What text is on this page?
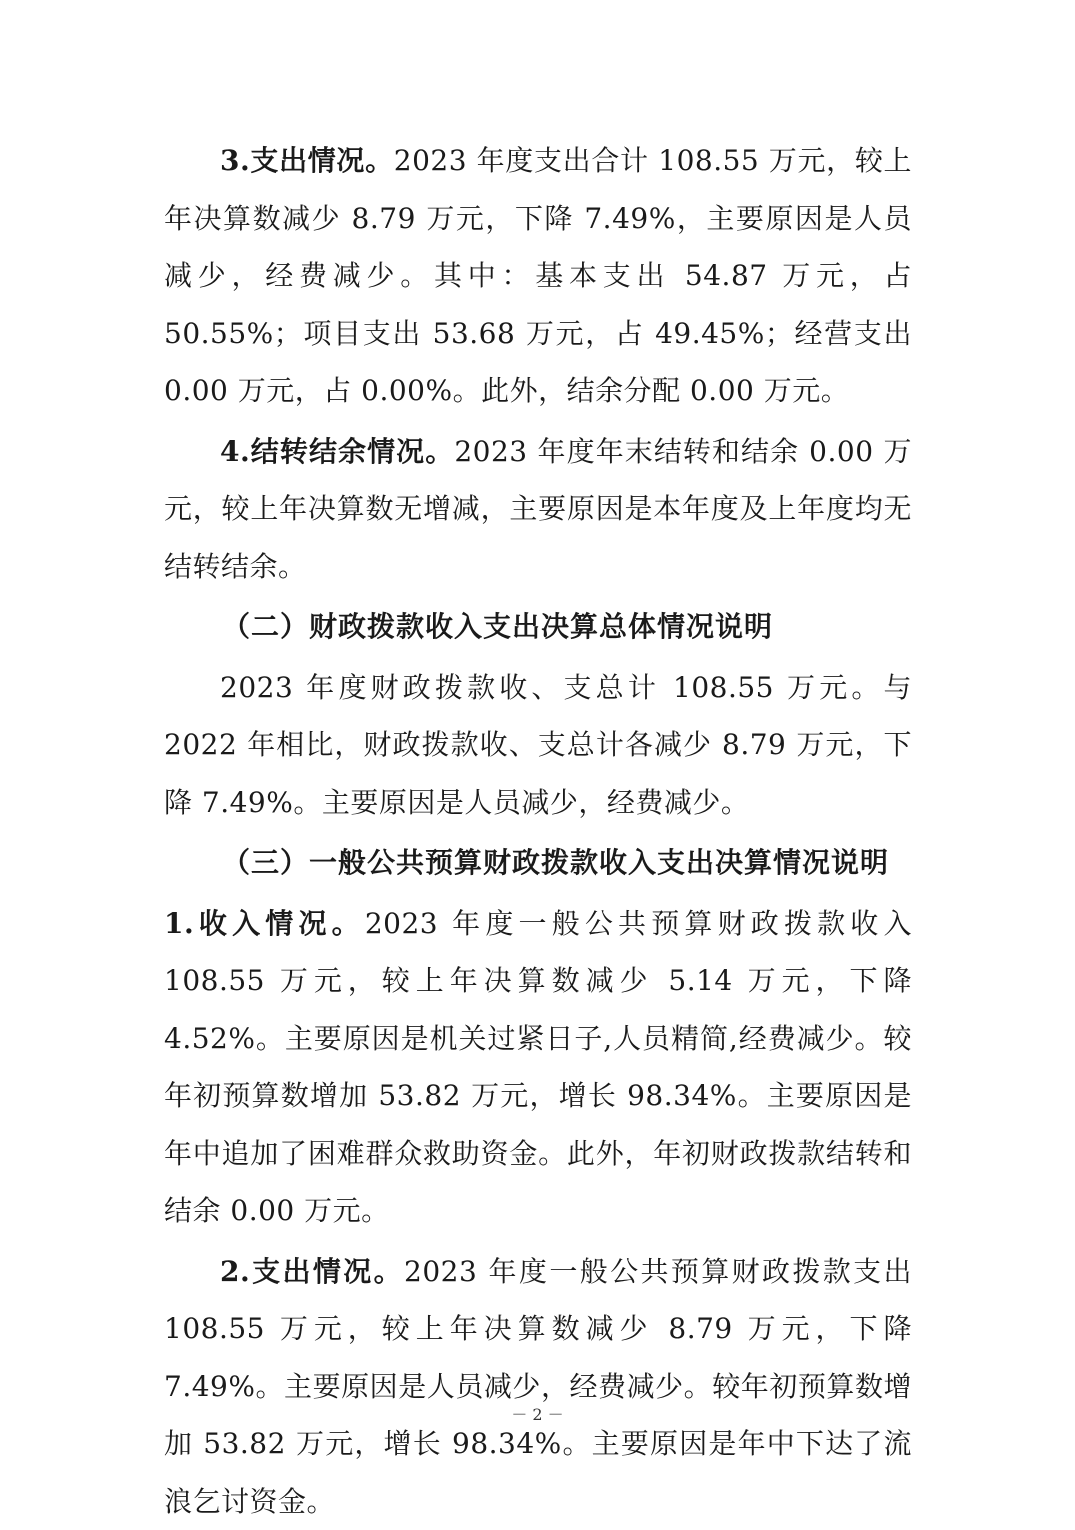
3.支出情况。2023 年度支出合计 108.55 万元，较上年决算数减少 8.79 万元，下降 7.49%，主要原因是人员减少，经费减少。其中：基本支出 54.87 万元，占 50.55%；项目支出 53.68 万元，占 49.45%；经营支出 0.00 万元，占 0.00%。此外，结余分配 0.00 万元。

4.结转结余情况。2023 年度年末结转和结余 0.00 万元，较上年决算数无增减，主要原因是本年度及上年度均无结转结余。

（二）财政拨款收入支出决算总体情况说明

2023 年度财政拨款收、支总计 108.55 万元。与 2022 年相比，财政拨款收、支总计各减少 8.79 万元，下降 7.49%。主要原因是人员减少，经费减少。

（三）一般公共预算财政拨款收入支出决算情况说明

1.收入情况。2023 年度一般公共预算财政拨款收入 108.55 万元，较上年决算数减少 5.14 万元，下降 4.52%。主要原因是机关过紧日子,人员精简,经费减少。较年初预算数增加 53.82 万元，增长 98.34%。主要原因是年中追加了困难群众救助资金。此外，年初财政拨款结转和结余 0.00 万元。

2.支出情况。2023 年度一般公共预算财政拨款支出 108.55 万元，较上年决算数减少 8.79 万元，下降 7.49%。主要原因是人员减少，经费减少。较年初预算数增加 53.82 万元，增长 98.34%。主要原因是年中下达了流浪乞讨资金。

－ 2 －
